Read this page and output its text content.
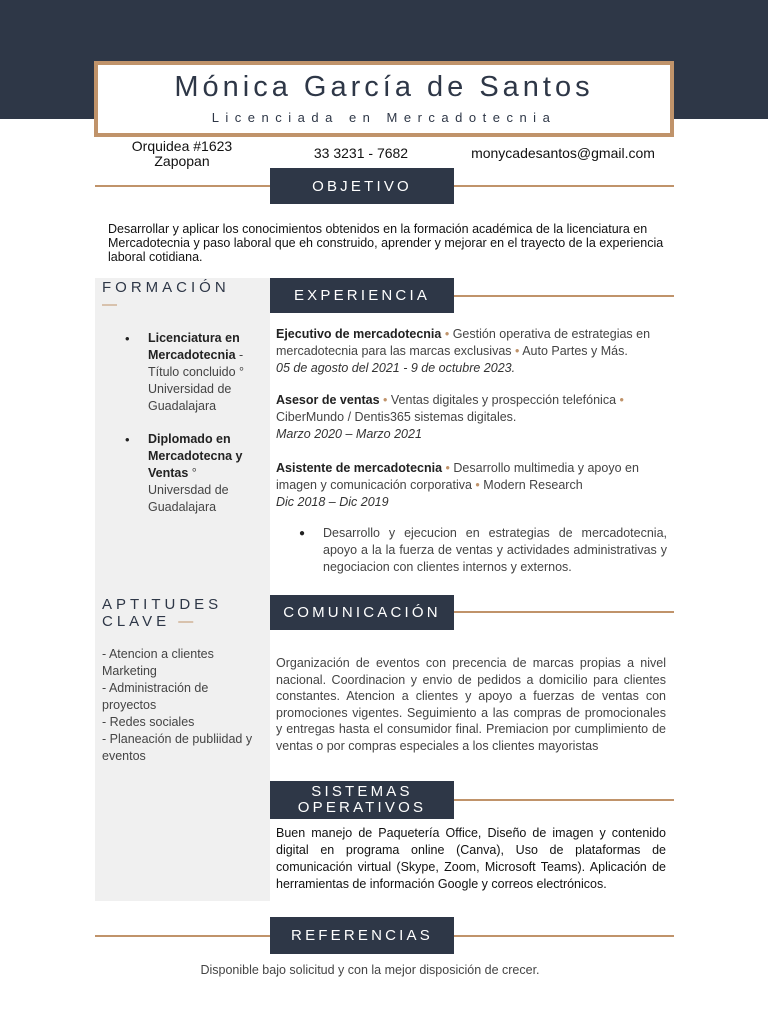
Mónica García de Santos
Licenciada en Mercadotecnia
Orquidea #1623
Zapopan	33 3231 - 7682	monycadesantos@gmail.com
OBJETIVO
Desarrollar y aplicar los conocimientos obtenidos en la formación académica de la licenciatura en Mercadotecnia y paso laboral que eh construido, aprender y mejorar en el trayecto de la experiencia laboral cotidiana.
FORMACIÓN
—
• Licenciatura en Mercadotecnia - Título concluido °
Universidad de Guadalajara
• Diplomado en Mercadotecna y Ventas °
Universdad de Guadalajara
APTITUDES
CLAVE —
- Atencion a clientes Marketing
- Administración de proyectos
- Redes sociales
- Planeación de publiidad y eventos
EXPERIENCIA
Ejecutivo de mercadotecnia • Gestión operativa de estrategias en mercadotecnia para las marcas exclusivas • Auto Partes y Más.
05 de agosto del 2021 - 9 de octubre 2023.
Asesor de ventas • Ventas digitales y prospección telefónica • CiberMundo / Dentis365 sistemas digitales.
Marzo 2020 – Marzo 2021
Asistente de mercadotecnia • Desarrollo multimedia y apoyo en imagen y comunicación corporativa • Modern Research
Dic 2018 – Dic 2019
● Desarrollo y ejecucion en estrategias de mercadotecnia, apoyo a la la fuerza de ventas y actividades administrativas y negociacion con clientes internos y externos.

COMUNICACIÓN
Organización de eventos con precencia de marcas propias a nivel nacional. Coordinacion y envio de pedidos a domicilio para clientes constantes. Atencion a clientes y apoyo a fuerzas de ventas con promociones vigentes. Seguimiento a las compras de promocionales y entregas hasta el consumidor final. Premiacion por cumplimiento de ventas o por compras especiales a los clientes mayoristas
SISTEMAS
OPERATIVOS
Buen manejo de Paquetería Office, Diseño de imagen y contenido digital en programa online (Canva), Uso de plataformas de comunicación virtual (Skype, Zoom, Microsoft Teams). Aplicación de herramientas de información Google y correos electrónicos.
REFERENCIAS
Disponible bajo solicitud y con la mejor disposición de crecer.
